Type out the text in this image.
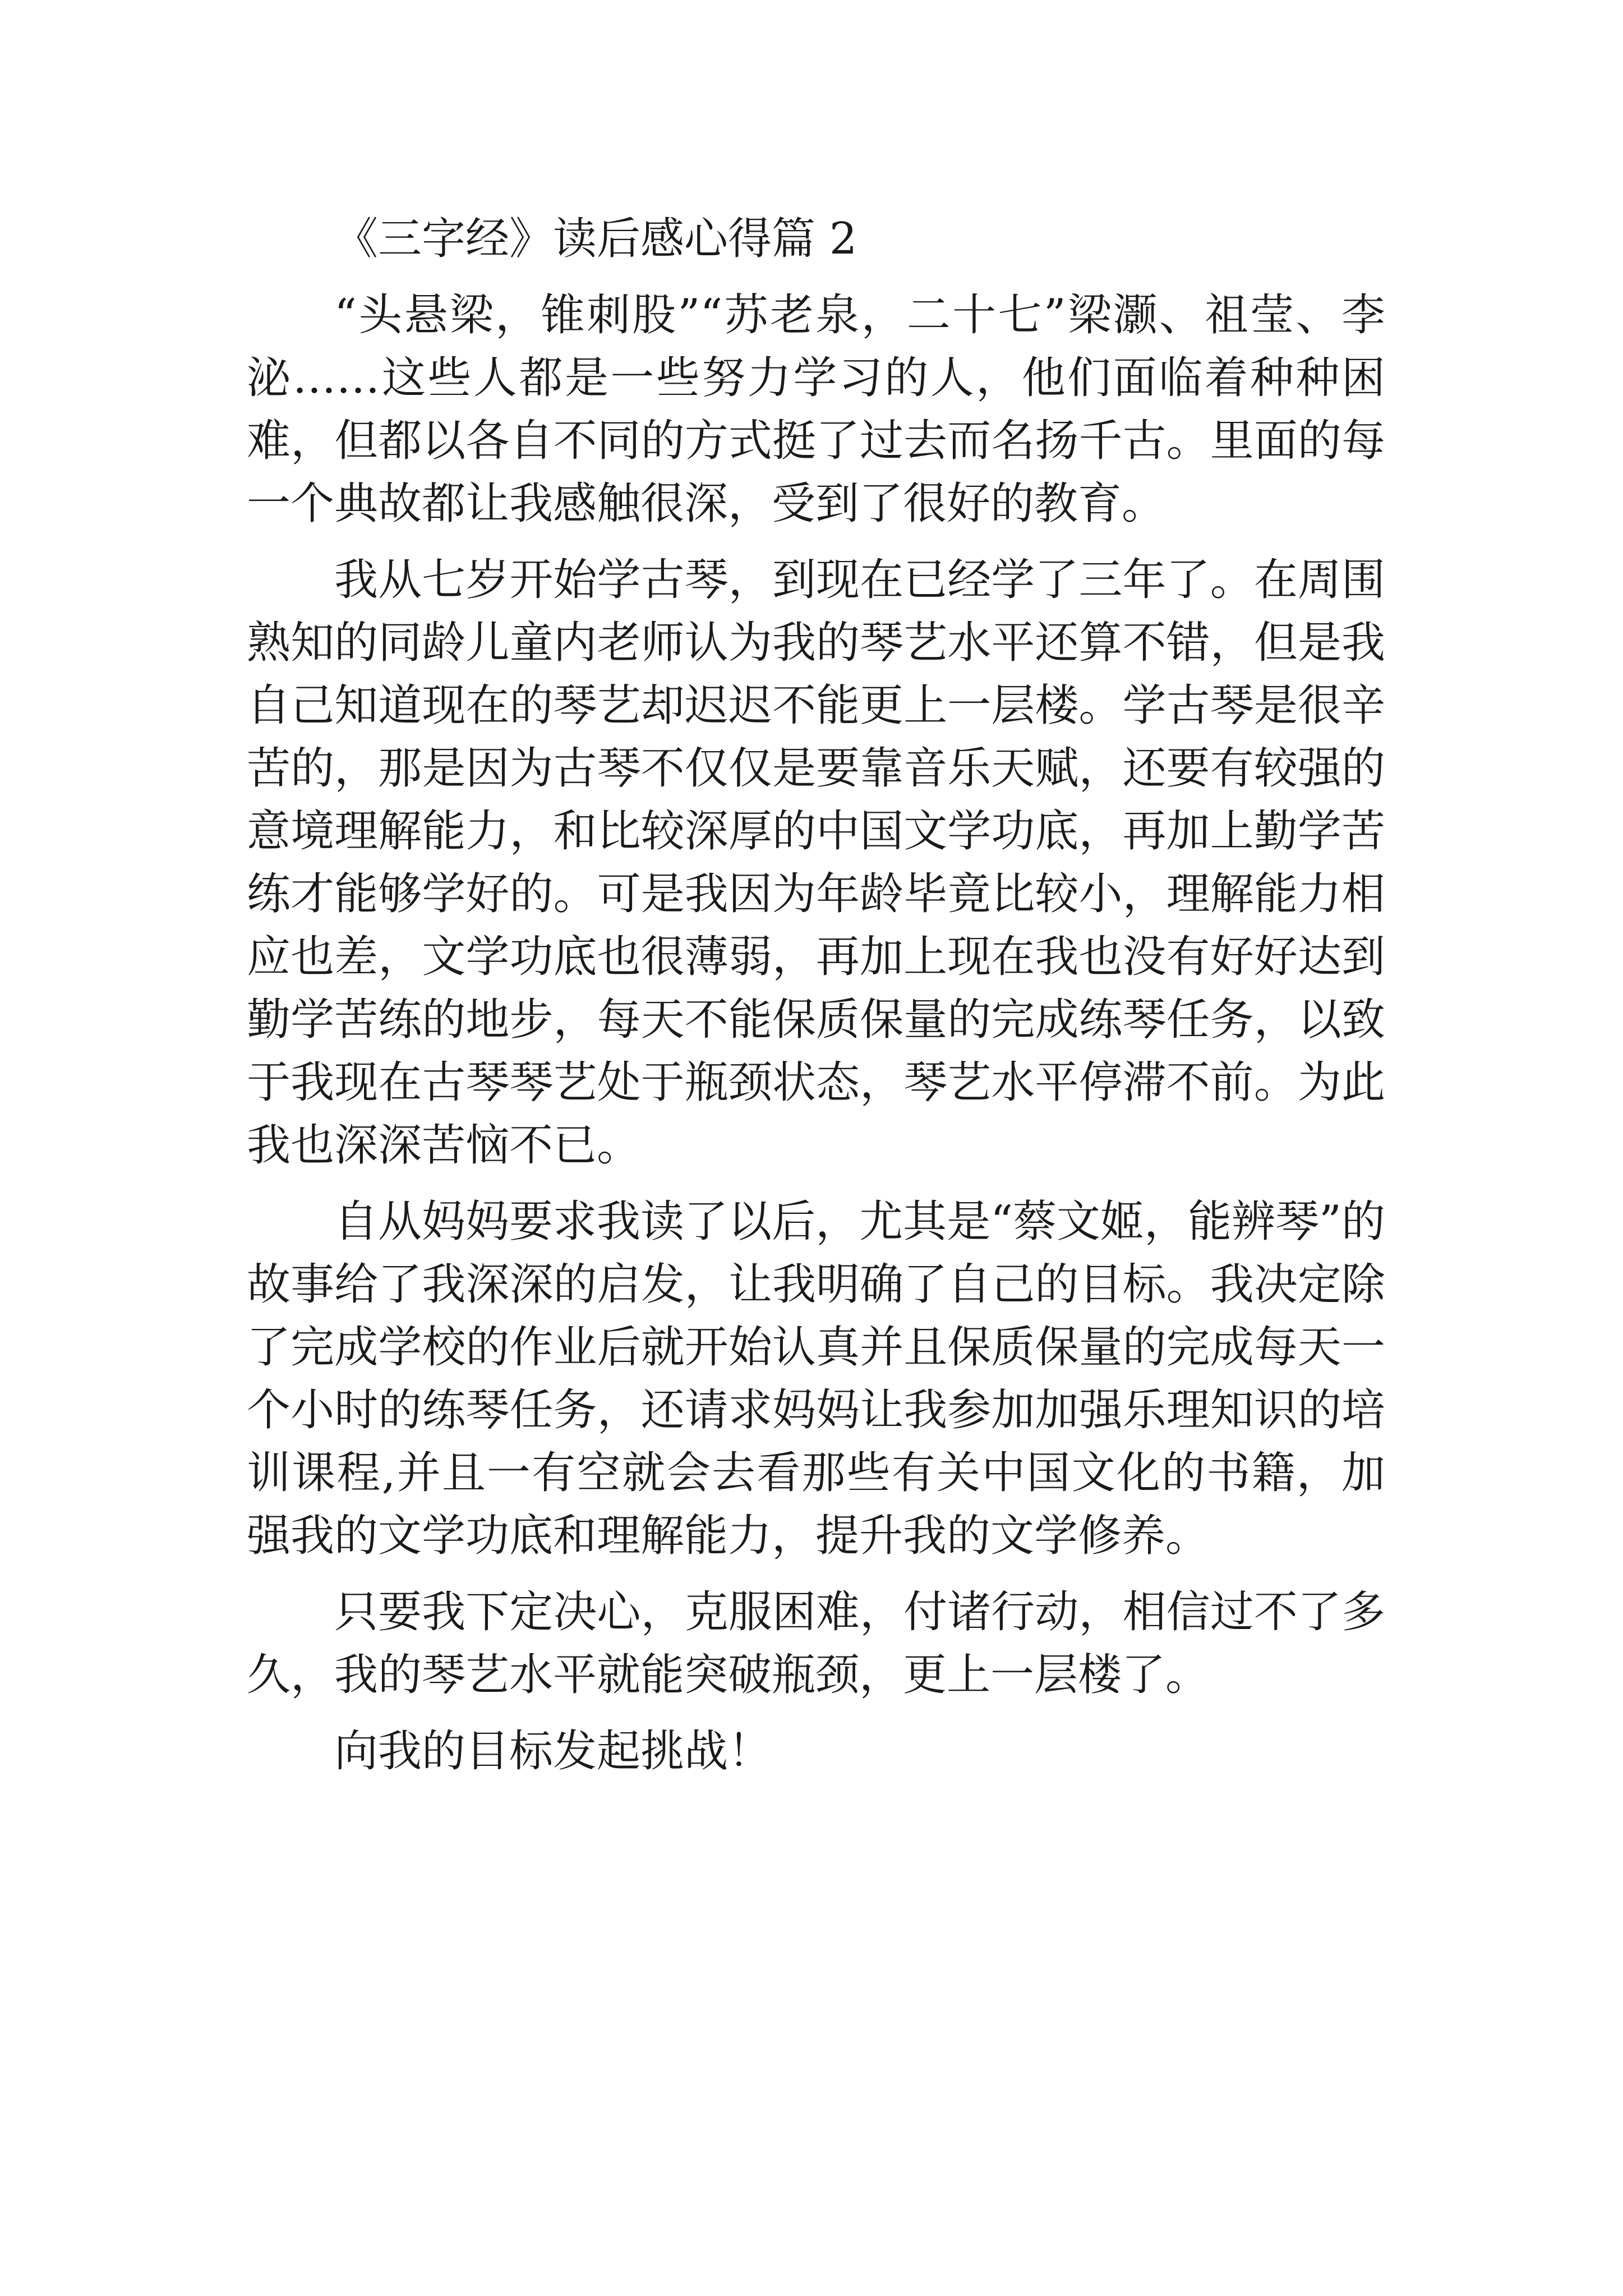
《三字经》读后感心得篇 2

“头悬梁，锥刺股”“苏老泉，二十七”梁灏、祖莹、李泌……这些人都是一些努力学习的人，他们面临着种种困难，但都以各自不同的方式挺了过去而名扬千古。里面的每一个典故都让我感触很深，受到了很好的教育。

我从七岁开始学古琴，到现在已经学了三年了。在周围熟知的同龄儿童内老师认为我的琴艺水平还算不错，但是我自己知道现在的琴艺却迟迟不能更上一层楼。学古琴是很辛苦的，那是因为古琴不仅仅是要靠音乐天赋，还要有较强的意境理解能力，和比较深厚的中国文学功底，再加上勤学苦练才能够学好的。可是我因为年龄毕竟比较小，理解能力相应也差，文学功底也很薄弱，再加上现在我也没有好好达到勤学苦练的地步，每天不能保质保量的完成练琴任务，以致于我现在古琴琴艺处于瓶颈状态，琴艺水平停滞不前。为此我也深深苦恼不已。

自从妈妈要求我读了以后，尤其是“蔡文姬，能辨琴”的故事给了我深深的启发，让我明确了自己的目标。我决定除了完成学校的作业后就开始认真并且保质保量的完成每天一个小时的练琴任务，还请求妈妈让我参加加强乐理知识的培训课程,并且一有空就会去看那些有关中国文化的书籍，加强我的文学功底和理解能力，提升我的文学修养。

只要我下定决心，克服困难，付诸行动，相信过不了多久，我的琴艺水平就能突破瓶颈，更上一层楼了。

向我的目标发起挑战！
